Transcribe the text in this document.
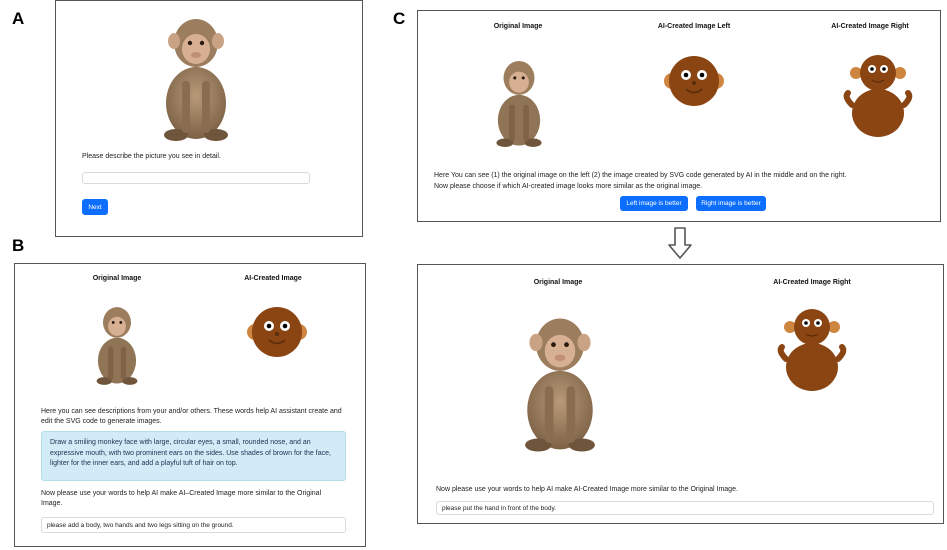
A
B
C
Please describe the picture you see in detail.
Next
Original Image	AI-Created Image
Here you can see descriptions from your and/or others. These words help AI assistant create and edit the SVG code to generate images.
Draw a smiling monkey face with large, circular eyes, a small, rounded nose, and an expressive mouth, with two prominent ears on the sides. Use shades of brown for the face, lighter for the inner ears, and add a playful tuft of hair on top.
Now please use your words to help AI make AI–Created Image more similar to the Original Image.
please add a body, two hands and two legs sitting on the ground.
Original Image	AI-Created Image Left	AI-Created Image Right
Here You can see (1) the original image on the left (2) the image created by SVG code generated by AI in the middle and on the right.
Now please choose if which AI-created image looks more similar as the original image.
Left image is better	Right image is better
Original Image	AI-Created Image Right
Now please use your words to help AI make AI-Created Image more similar to the Original Image.
please put the hand in front of the body.
